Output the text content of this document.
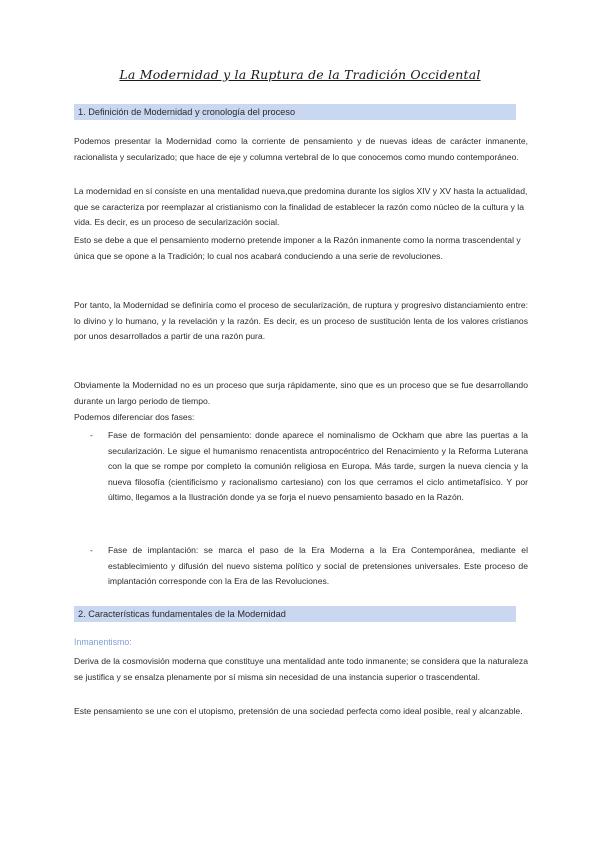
La Modernidad y la Ruptura de la Tradición Occidental
1. Definición de Modernidad y cronología del proceso

Podemos presentar la Modernidad como la corriente de pensamiento y de nuevas ideas de carácter inmanente, racionalista y secularizado; que hace de eje y columna vertebral de lo que conocemos como mundo contemporáneo.

La modernidad en sí consiste en una mentalidad nueva,que predomina durante los siglos XIV y XV hasta la actualidad, que se caracteriza por reemplazar al cristianismo con la finalidad de establecer la razón como núcleo de la cultura y la vida. Es decir, es un proceso de secularización social.

Esto se debe a que el pensamiento moderno pretende imponer a la Razón inmanente como la norma trascendental y única que se opone a la Tradición; lo cual nos acabará conduciendo a una serie de revoluciones.

Por tanto, la Modernidad se definiría como el proceso de secularización, de ruptura y progresivo distanciamiento entre: lo divino y lo humano, y la revelación y la razón. Es decir, es un proceso de sustitución lenta de los valores cristianos por unos desarrollados a partir de una razón pura.

Obviamente la Modernidad no es un proceso que surja rápidamente, sino que es un proceso que se fue desarrollando durante un largo periodo de tiempo.

Podemos diferenciar dos fases:

- Fase de formación del pensamiento: donde aparece el nominalismo de Ockham que abre las puertas a la secularización. Le sigue el humanismo renacentista antropocéntrico del Renacimiento y la Reforma Luterana con la que se rompe por completo la comunión religiosa en Europa. Más tarde, surgen la nueva ciencia y la nueva filosofía (cientificismo y racionalismo cartesiano) con los que cerramos el ciclo antimetafísico. Y por último, llegamos a la Ilustración donde ya se forja el nuevo pensamiento basado en la Razón.
- Fase de implantación: se marca el paso de la Era Moderna a la Era Contemporánea, mediante el establecimiento y difusión del nuevo sistema político y social de pretensiones universales. Este proceso de implantación corresponde con la Era de las Revoluciones.
2. Características fundamentales de la Modernidad
Inmanentismo:

Deriva de la cosmovisión moderna que constituye una mentalidad ante todo inmanente; se considera que la naturaleza se justifica y se ensalza plenamente por sí misma sin necesidad de una instancia superior o trascendental.

Este pensamiento se une con el utopismo, pretensión de una sociedad perfecta como ideal posible, real y alcanzable.
